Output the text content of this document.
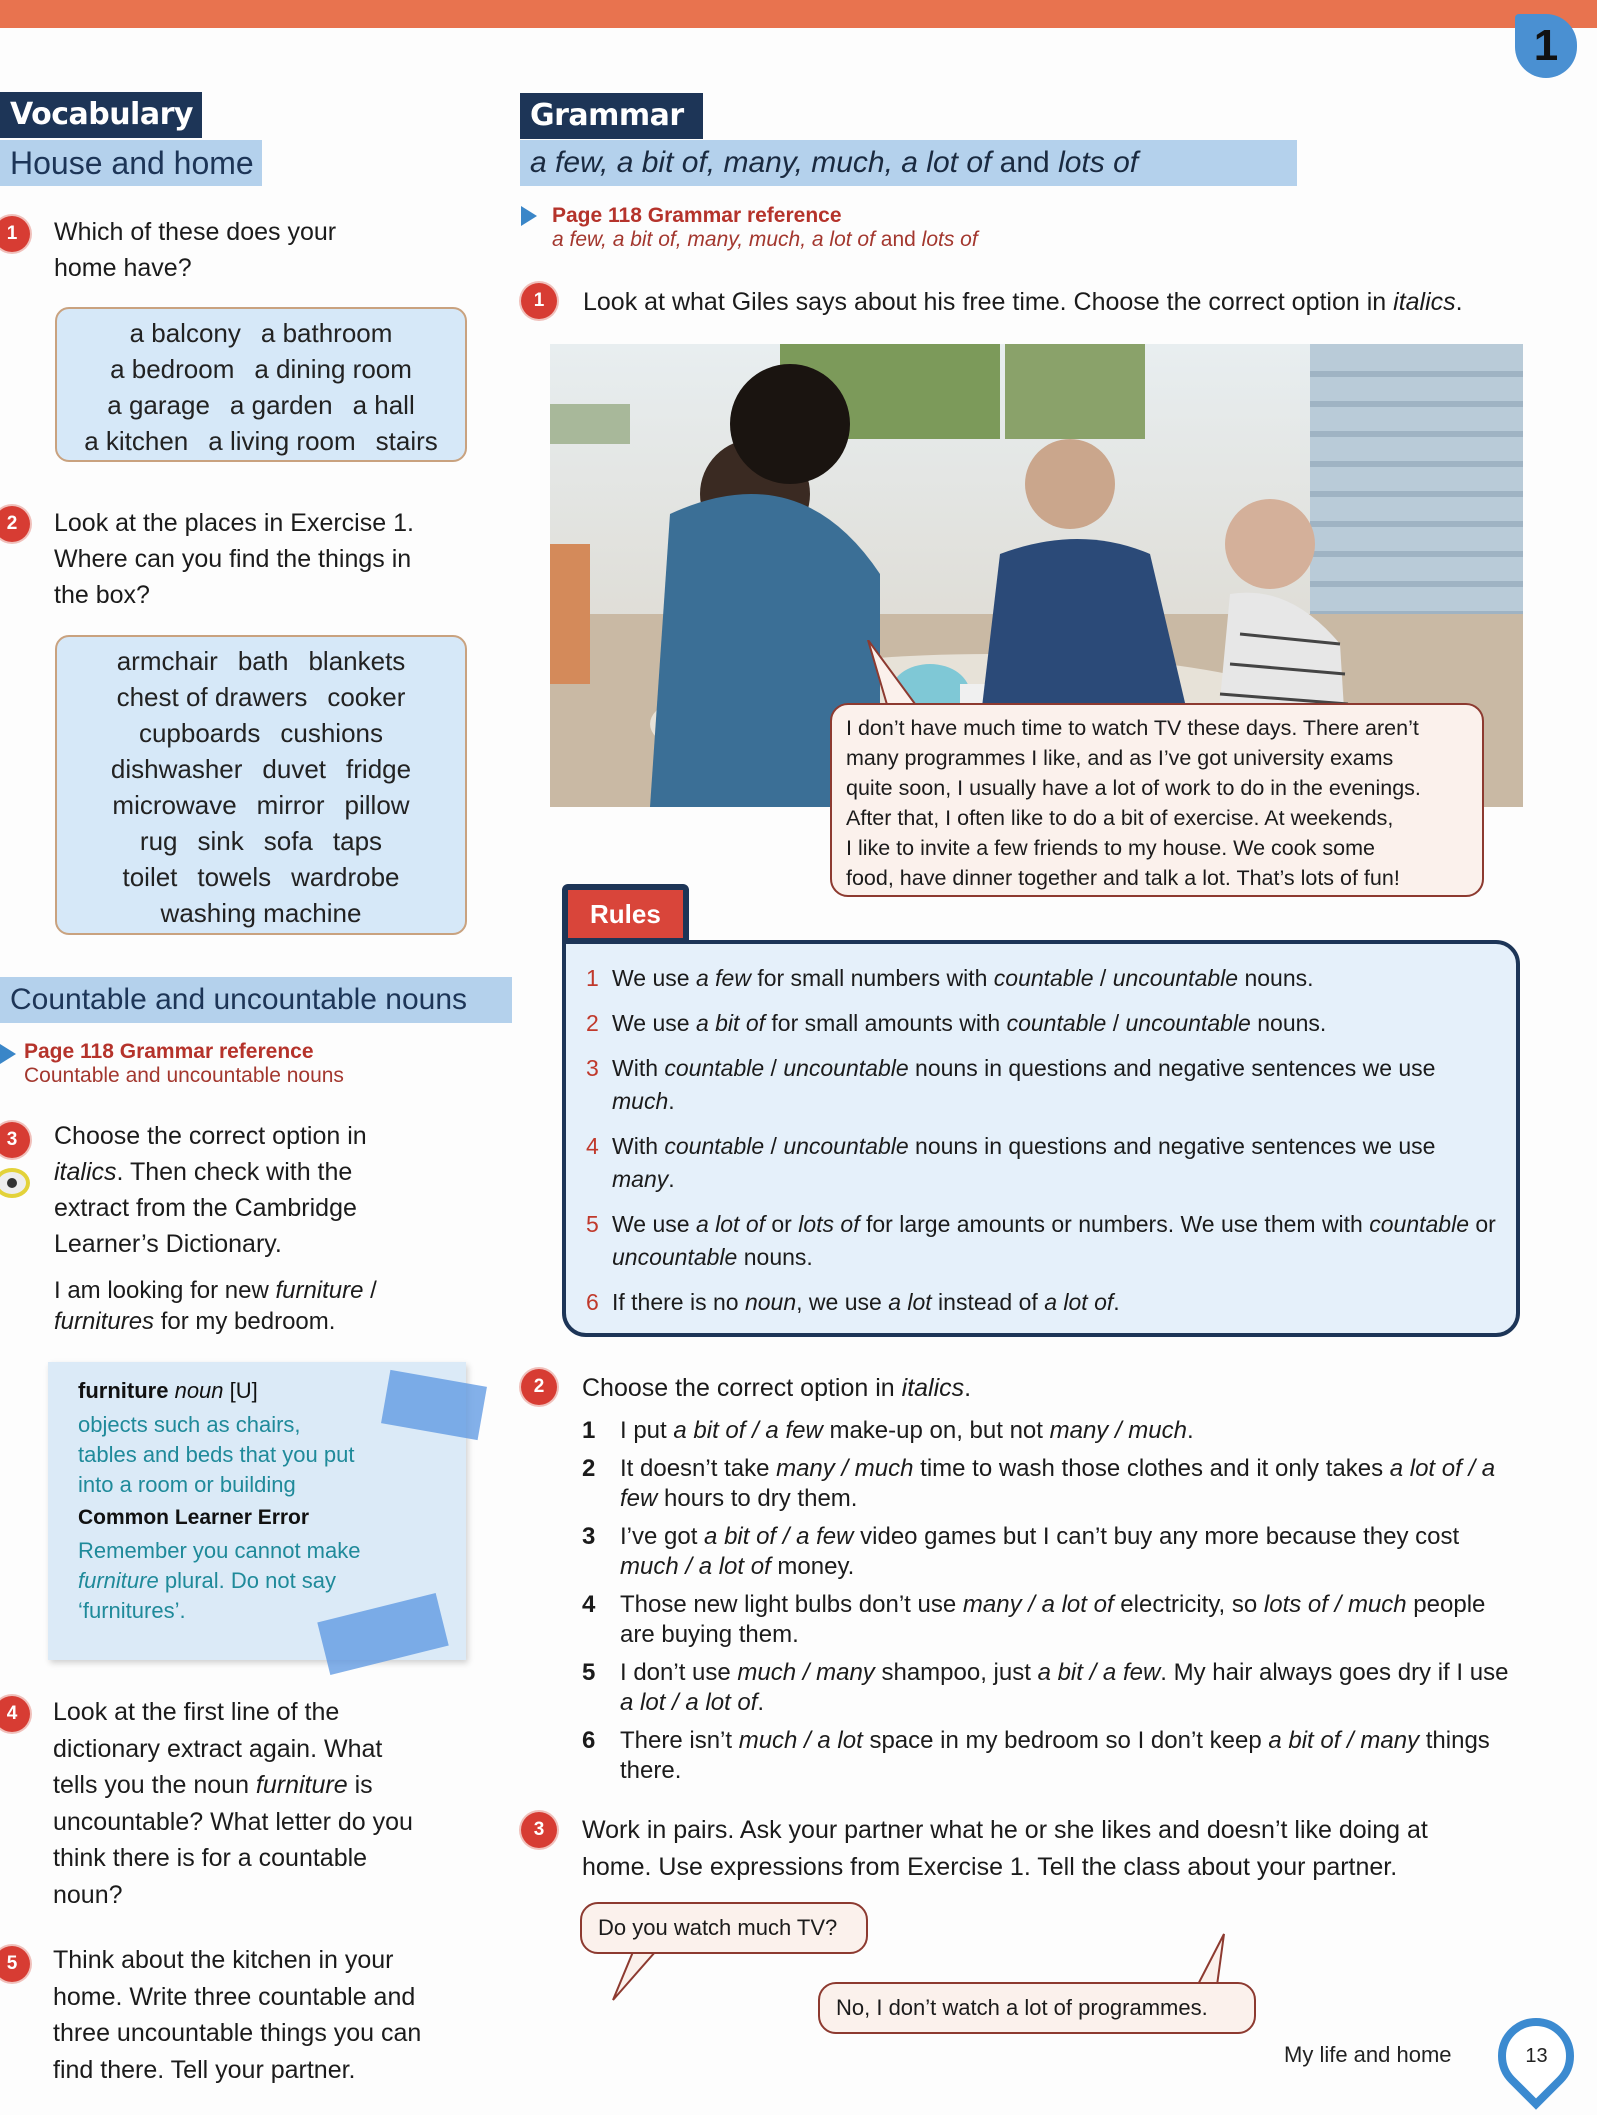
1
Vocabulary
House and home
1	Which of these does your
home have?
a balcony a bathroom
a bedroom a dining room
a garage a garden a hall
a kitchen a living room stairs
2	Look at the places in Exercise 1.
Where can you find the things in
the box?
armchair bath blankets
chest of drawers cooker
cupboards cushions
dishwasher duvet fridge
microwave mirror pillow
rug sink sofa taps
toilet towels wardrobe
washing machine
Countable and uncountable nouns
Page 118 Grammar reference
Countable and uncountable nouns
3	Choose the correct option in
italics. Then check with the
extract from the Cambridge
Learner’s Dictionary.
I am looking for new furniture /
furnitures for my bedroom.
furniture noun [U]
objects such as chairs,
tables and beds that you put
into a room or building
Common Learner Error
Remember you cannot make
furniture plural. Do not say
‘furnitures’.
4	Look at the first line of the
dictionary extract again. What
tells you the noun furniture is
uncountable? What letter do you
think there is for a countable
noun?
5	Think about the kitchen in your
home. Write three countable and
three uncountable things you can
find there. Tell your partner.
Grammar
a few, a bit of, many, much, a lot of and lots of
Page 118 Grammar reference
a few, a bit of, many, much, a lot of and lots of
1	Look at what Giles says about his free time. Choose the correct option in italics.
I don’t have much time to watch TV these days. There aren’t
many programmes I like, and as I’ve got university exams
quite soon, I usually have a lot of work to do in the evenings.
After that, I often like to do a bit of exercise. At weekends,
I like to invite a few friends to my house. We cook some
food, have dinner together and talk a lot. That’s lots of fun!
Rules
1 We use a few for small numbers with countable / uncountable nouns.
2 We use a bit of for small amounts with countable / uncountable nouns.
3 With countable / uncountable nouns in questions and negative sentences we use much.
4 With countable / uncountable nouns in questions and negative sentences we use many.
5 We use a lot of or lots of for large amounts or numbers. We use them with countable or uncountable nouns.
6 If there is no noun, we use a lot instead of a lot of.
2	Choose the correct option in italics.
1	I put a bit of / a few make-up on, but not many / much.
2	It doesn’t take many / much time to wash those clothes and it only takes a lot of / a few hours to dry them.
3	I’ve got a bit of / a few video games but I can’t buy any more because they cost much / a lot of money.
4	Those new light bulbs don’t use many / a lot of electricity, so lots of / much people are buying them.
5	I don’t use much / many shampoo, just a bit / a few. My hair always goes dry if I use a lot / a lot of.
6	There isn’t much / a lot space in my bedroom so I don’t keep a bit of / many things there.
3	Work in pairs. Ask your partner what he or she likes and doesn’t like doing at
home. Use expressions from Exercise 1. Tell the class about your partner.
Do you watch much TV?
No, I don’t watch a lot of programmes.
My life and home	13
